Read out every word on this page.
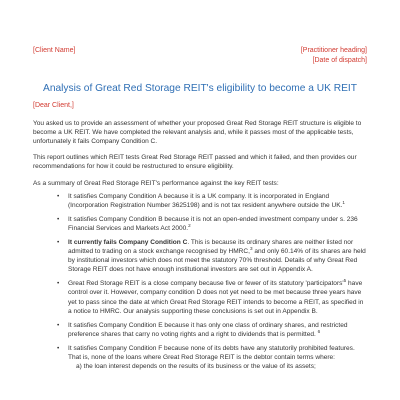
[Client Name]	[Practitioner heading]
[Date of dispatch]
Analysis of Great Red Storage REIT's eligibility to become a UK REIT
[Dear Client,]

You asked us to provide an assessment of whether your proposed Great Red Storage REIT structure is eligible to become a UK REIT. We have completed the relevant analysis and, while it passes most of the applicable tests, unfortunately it fails Company Condition C.

This report outlines which REIT tests Great Red Storage REIT passed and which it failed, and then provides our recommendations for how it could be restructured to ensure eligibility.

As a summary of Great Red Storage REIT's performance against the key REIT tests:

• It satisfies Company Condition A because it is a UK company. It is incorporated in England (Incorporation Registration Number 3625198) and is not tax resident anywhere outside the UK.$^1$
• It satisfies Company Condition B because it is not an open-ended investment company under s. 236 Financial Services and Markets Act 2000.$^2$
• It currently fails Company Condition C. This is because its ordinary shares are neither listed nor admitted to trading on a stock exchange recognised by HMRC,$^3$ and only 60.14% of its shares are held by institutional investors which does not meet the statutory 70% threshold. Details of why Great Red Storage REIT does not have enough institutional investors are set out in Appendix A.
• Great Red Storage REIT is a close company because five or fewer of its statutory '$participators'^5$ have control over it. However, company condition D does not yet need to be met because three years have yet to pass since the date at which Great Red Storage REIT intends to become a REIT, as specified in a notice to HMRC. Our analysis supporting these conclusions is set out in Appendix B.
• It satisfies Company Condition E because it has only one class of ordinary shares, and restricted preference shares that carry no voting rights and a right to dividends that is permitted. $^6$
• It satisfies Company Condition F because none of its debts have any statutorily prohibited features. That is, none of the loans where Great Red Storage REIT is the debtor contain terms where:
a) the loan interest depends on the results of its business or the value of its assets;
